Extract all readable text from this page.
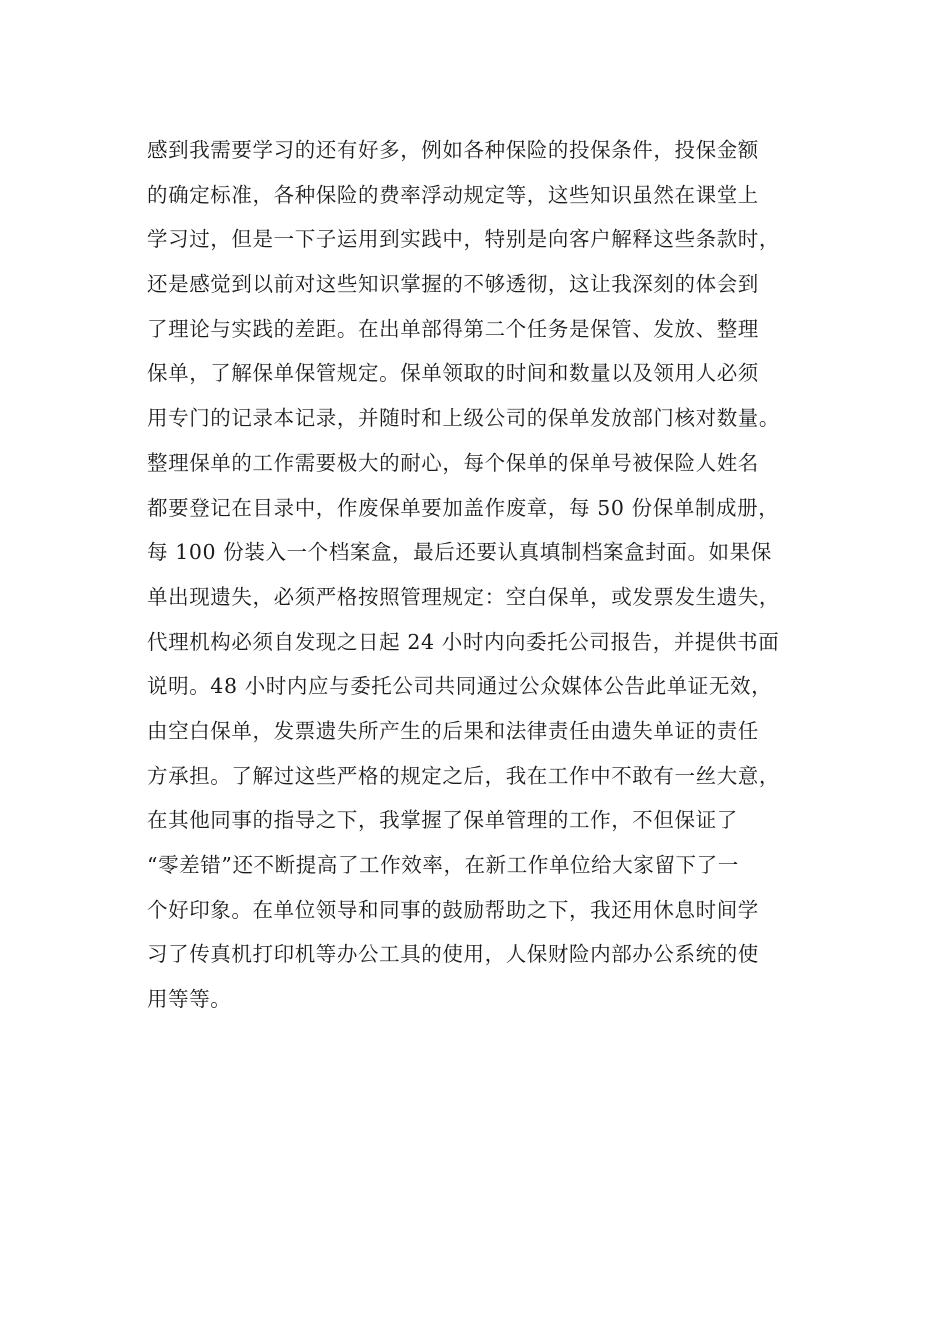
感到我需要学习的还有好多，例如各种保险的投保条件，投保金额
的确定标准，各种保险的费率浮动规定等，这些知识虽然在课堂上
学习过，但是一下子运用到实践中，特别是向客户解释这些条款时，
还是感觉到以前对这些知识掌握的不够透彻，这让我深刻的体会到
了理论与实践的差距。在出单部得第二个任务是保管、发放、整理
保单，了解保单保管规定。保单领取的时间和数量以及领用人必须
用专门的记录本记录，并随时和上级公司的保单发放部门核对数量。
整理保单的工作需要极大的耐心，每个保单的保单号被保险人姓名
都要登记在目录中，作废保单要加盖作废章，每 50 份保单制成册，
每 100 份装入一个档案盒，最后还要认真填制档案盒封面。如果保
单出现遗失，必须严格按照管理规定：空白保单，或发票发生遗失，
代理机构必须自发现之日起 24 小时内向委托公司报告，并提供书面
说明。48 小时内应与委托公司共同通过公众媒体公告此单证无效，
由空白保单，发票遗失所产生的后果和法律责任由遗失单证的责任
方承担。了解过这些严格的规定之后，我在工作中不敢有一丝大意，
在其他同事的指导之下，我掌握了保单管理的工作，不但保证了
“零差错”还不断提高了工作效率，在新工作单位给大家留下了一
个好印象。在单位领导和同事的鼓励帮助之下，我还用休息时间学
习了传真机打印机等办公工具的使用，人保财险内部办公系统的使
用等等。
